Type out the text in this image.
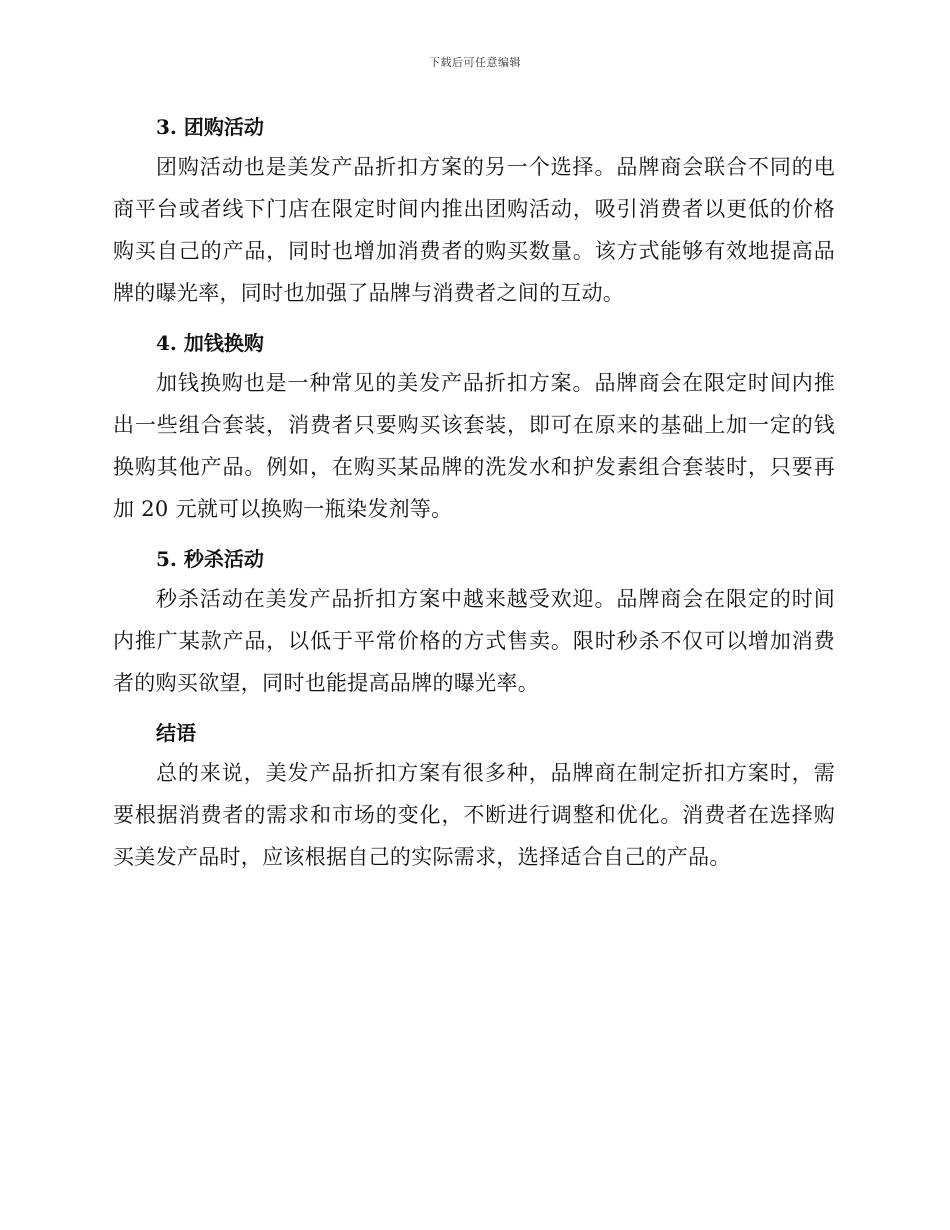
下载后可任意编辑
3. 团购活动

团购活动也是美发产品折扣方案的另一个选择。品牌商会联合不同的电商平台或者线下门店在限定时间内推出团购活动，吸引消费者以更低的价格购买自己的产品，同时也增加消费者的购买数量。该方式能够有效地提高品牌的曝光率，同时也加强了品牌与消费者之间的互动。

4. 加钱换购

加钱换购也是一种常见的美发产品折扣方案。品牌商会在限定时间内推出一些组合套装，消费者只要购买该套装，即可在原来的基础上加一定的钱换购其他产品。例如，在购买某品牌的洗发水和护发素组合套装时，只要再加 20 元就可以换购一瓶染发剂等。

5. 秒杀活动

秒杀活动在美发产品折扣方案中越来越受欢迎。品牌商会在限定的时间内推广某款产品，以低于平常价格的方式售卖。限时秒杀不仅可以增加消费者的购买欲望，同时也能提高品牌的曝光率。

结语

总的来说，美发产品折扣方案有很多种，品牌商在制定折扣方案时，需要根据消费者的需求和市场的变化，不断进行调整和优化。消费者在选择购买美发产品时，应该根据自己的实际需求，选择适合自己的产品。
